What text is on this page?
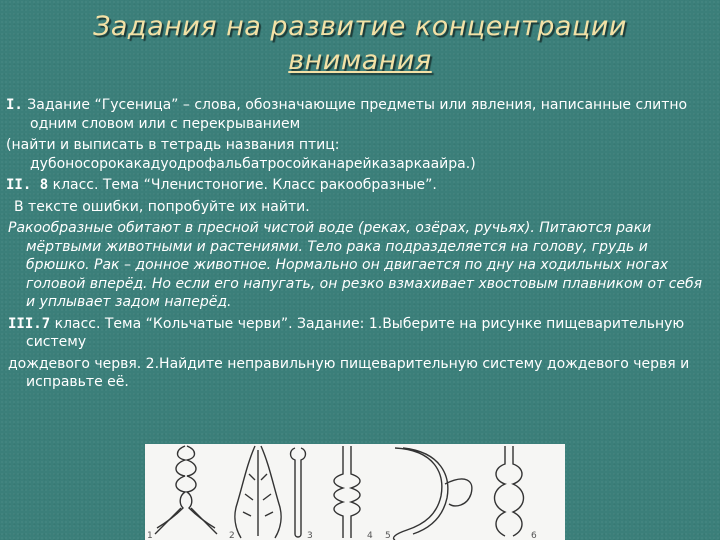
Задания на развитие концентрации
внимания
I. Задание “Гусеница” – слова, обозначающие предметы или явления, написанные слитно одним словом или с перекрыванием
(найти и выписать в тетрадь названия птиц: дубоносорокакадуодрофальбатросойканарейказаркаайра.)
II. 8 класс. Тема “Членистоногие. Класс ракообразные”.
В тексте ошибки, попробуйте их найти.
Ракообразные обитают в пресной чистой воде (реках, озёрах, ручьях). Питаются раки мёртвыми животными и растениями. Тело рака подразделяется на голову, грудь и брюшко. Рак – донное животное. Нормально он двигается по дну на ходильных ногах головой вперёд. Но если его напугать, он резко взмахивает хвостовым плавником от себя и уплывает задом наперёд.
III.7 класс. Тема “Кольчатые черви”. Задание: 1.Выберите на рисунке пищеварительную систему
дождевого червя. 2.Найдите неправильную пищеварительную систему дождевого червя и исправьте её.
1	2	3	4 5	6
